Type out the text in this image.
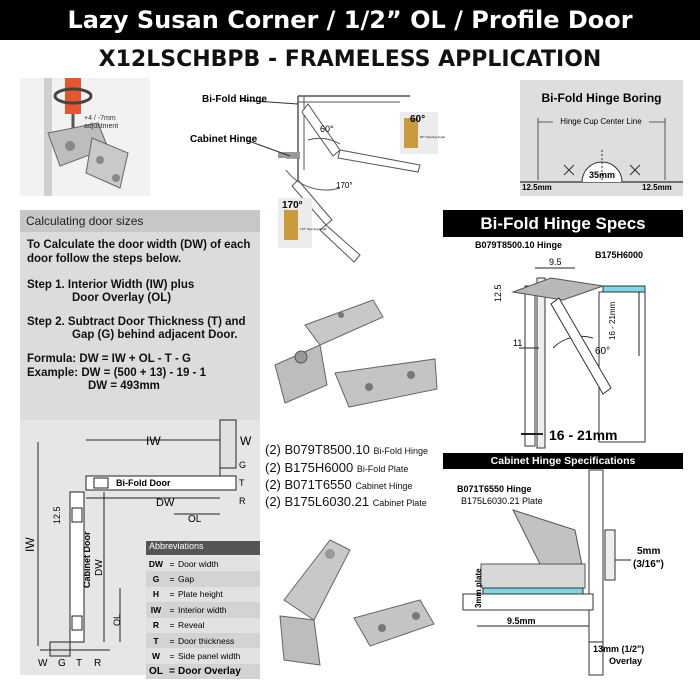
Lazy Susan Corner / 1/2” OL / Profile Door
X12LSCHBPB - FRAMELESS APPLICATION
+4 / -7mm
adjustment	60°
170°
Bi-Fold Hinge
Cabinet Hinge
60°
60° Opening Angle
170°
170° Opening Angle
Bi-Fold Hinge Boring
Hinge Cup Center Line
35mm
12.5mm	12.5mm
Calculating door sizes
To Calculate the door width (DW) of each
door follow the steps below.
Step 1. Interior Width (IW) plus
Door Overlay (OL)
Step 2. Subtract Door Thickness (T) and
Gap (G) behind adjacent Door.
Formula: DW = IW + OL - T - G
Example: DW = (500 + 13) - 19 - 1
DW = 493mm
IW	W
G
T
R
Bi-Fold Door
DW
OL
12.5
IW	Cabinet Door DW
OL
W G T R
Abbreviations
DW = Door width
G	= Gap
H	= Plate height
IW = Interior width
R	= Reveal
T	= Door thickness
W	= Side panel width
OL = Door Overlay
(2) B079T8500.10 Bi-Fold Hinge
(2) B175H6000 Bi-Fold Plate
(2) B071T6550 Cabinet Hinge
(2) B175L6030.21 Cabinet Plate
Bi-Fold Hinge Specs
B079T8500.10 Hinge
B175H6000
9.5
16 - 21mm
12.5
11
60°
16 - 21mm
Cabinet Hinge Specifications
B071T6550 Hinge
B175L6030.21 Plate
5mm
(3/16")
3mm plate
9.5mm
13mm (1/2")
Overlay
